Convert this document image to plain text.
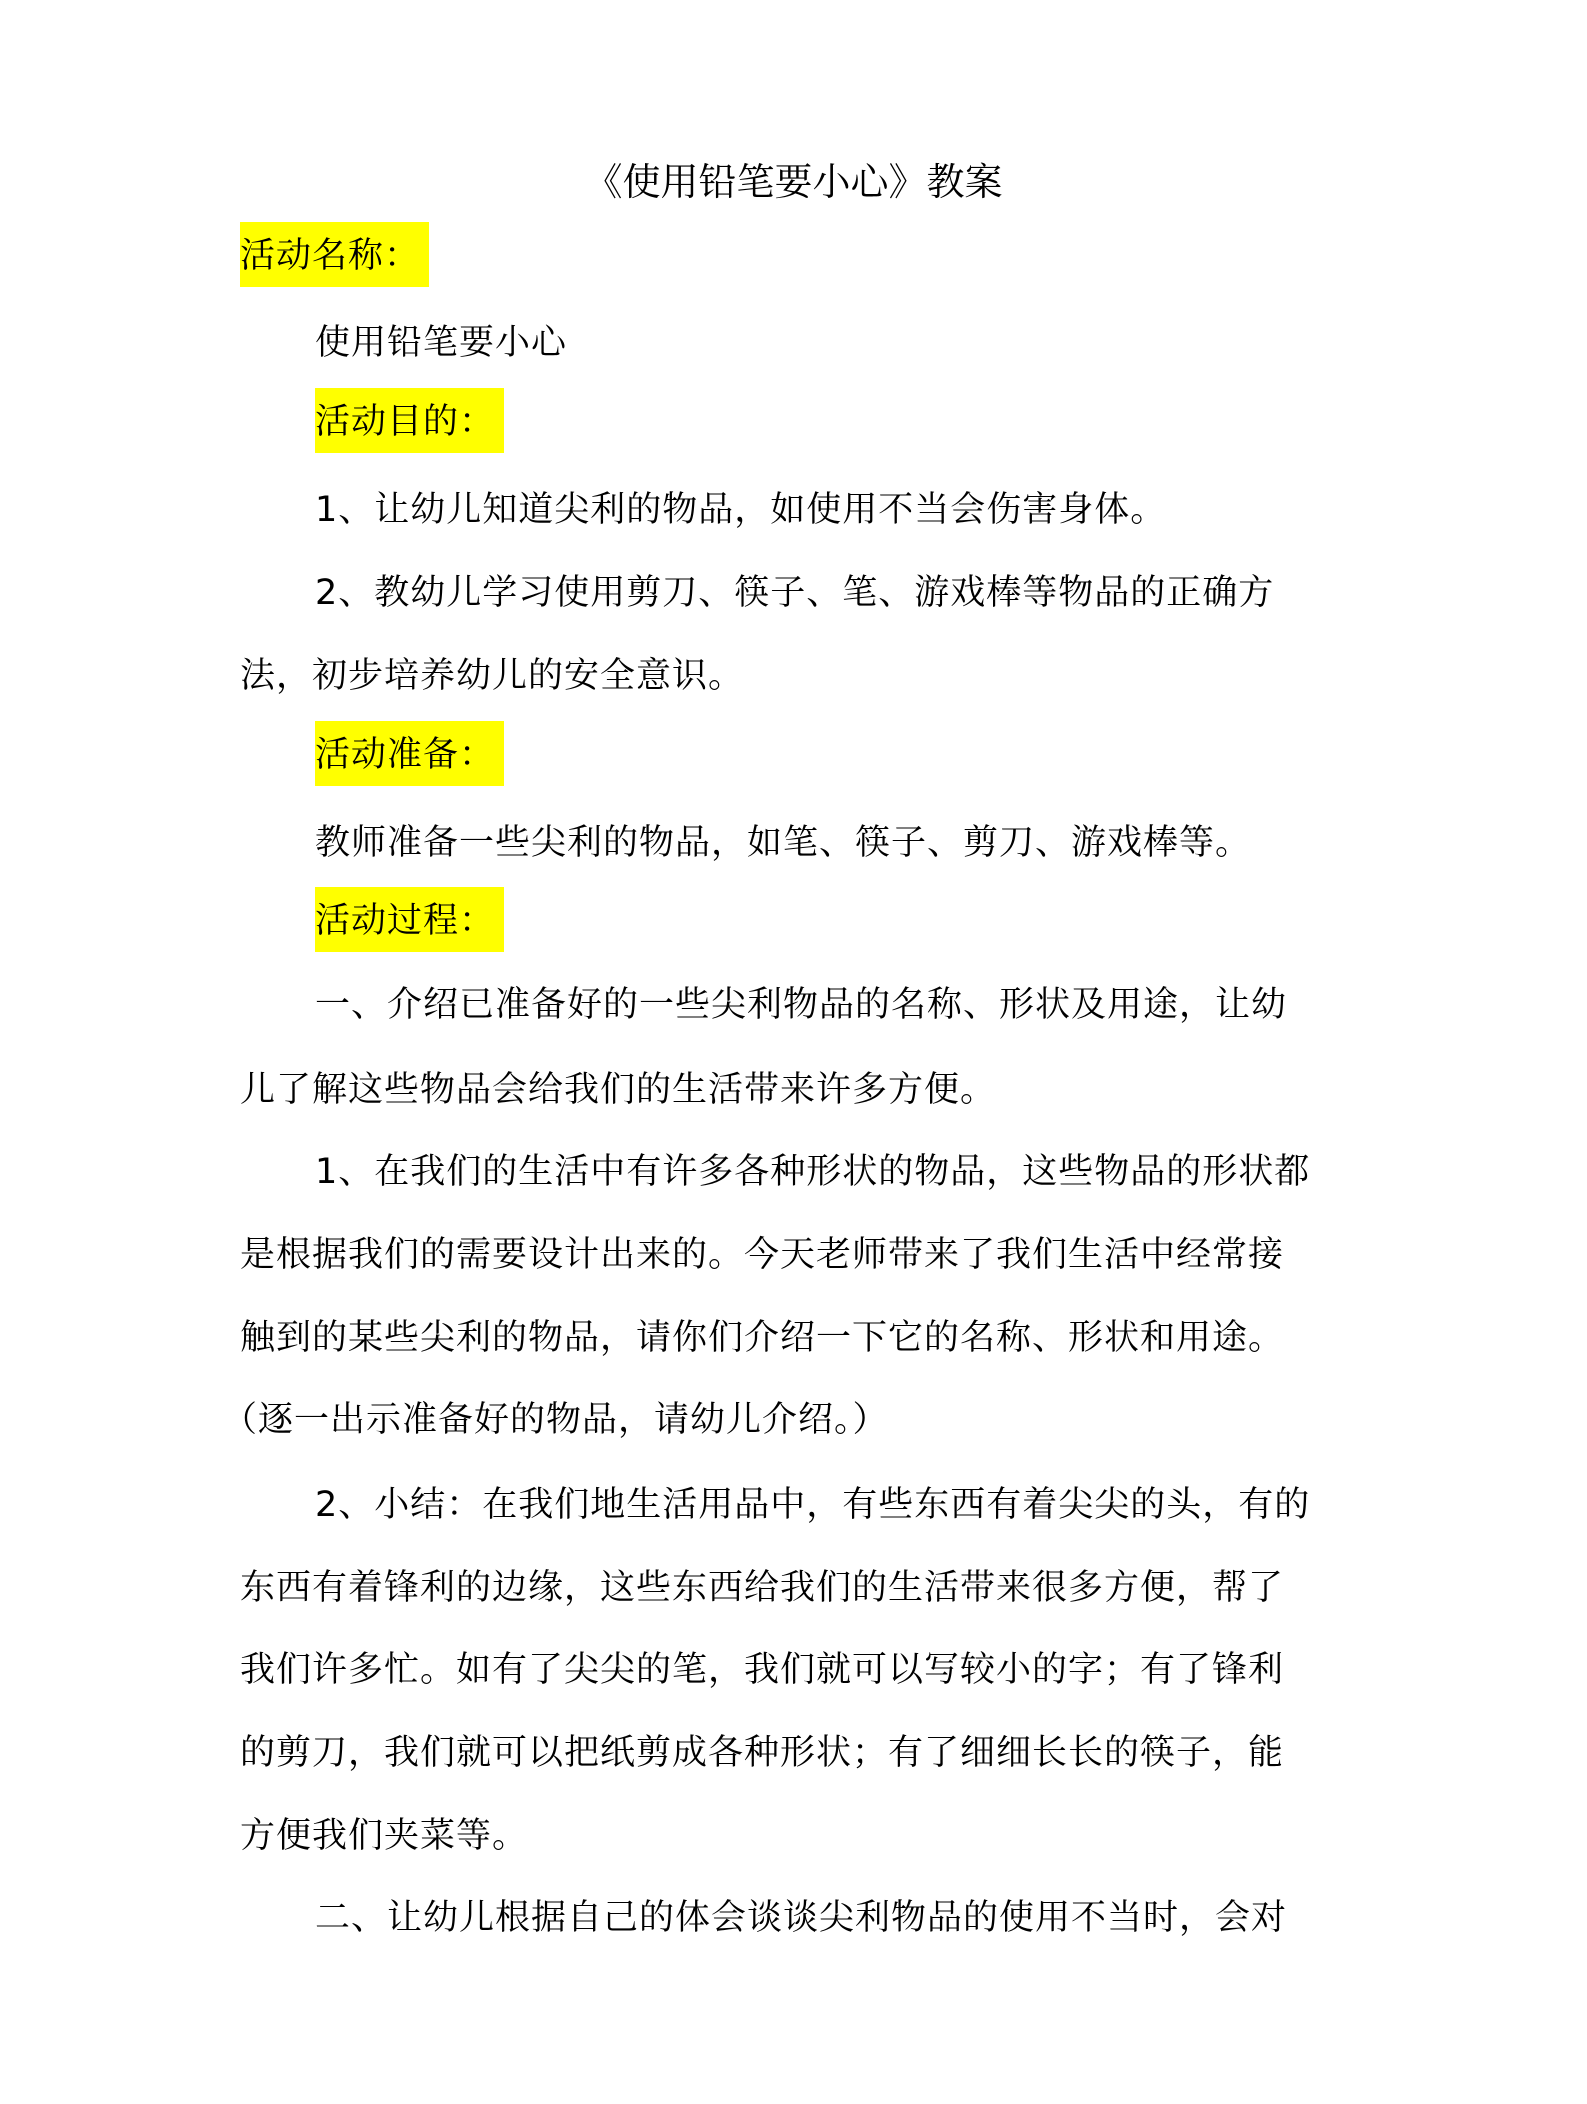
《使用铅笔要小心》教案
活动名称：
使用铅笔要小心
活动目的：
1、让幼儿知道尖利的物品，如使用不当会伤害身体。
2、教幼儿学习使用剪刀、筷子、笔、游戏棒等物品的正确方
法，初步培养幼儿的安全意识。
活动准备：
教师准备一些尖利的物品，如笔、筷子、剪刀、游戏棒等。
活动过程：
一、介绍已准备好的一些尖利物品的名称、形状及用途，让幼
儿了解这些物品会给我们的生活带来许多方便。
1、在我们的生活中有许多各种形状的物品，这些物品的形状都
是根据我们的需要设计出来的。今天老师带来了我们生活中经常接
触到的某些尖利的物品，请你们介绍一下它的名称、形状和用途。
（逐一出示准备好的物品，请幼儿介绍。）
2、小结：在我们地生活用品中，有些东西有着尖尖的头，有的
东西有着锋利的边缘，这些东西给我们的生活带来很多方便，帮了
我们许多忙。如有了尖尖的笔，我们就可以写较小的字；有了锋利
的剪刀，我们就可以把纸剪成各种形状；有了细细长长的筷子，能
方便我们夹菜等。
二、让幼儿根据自己的体会谈谈尖利物品的使用不当时，会对
